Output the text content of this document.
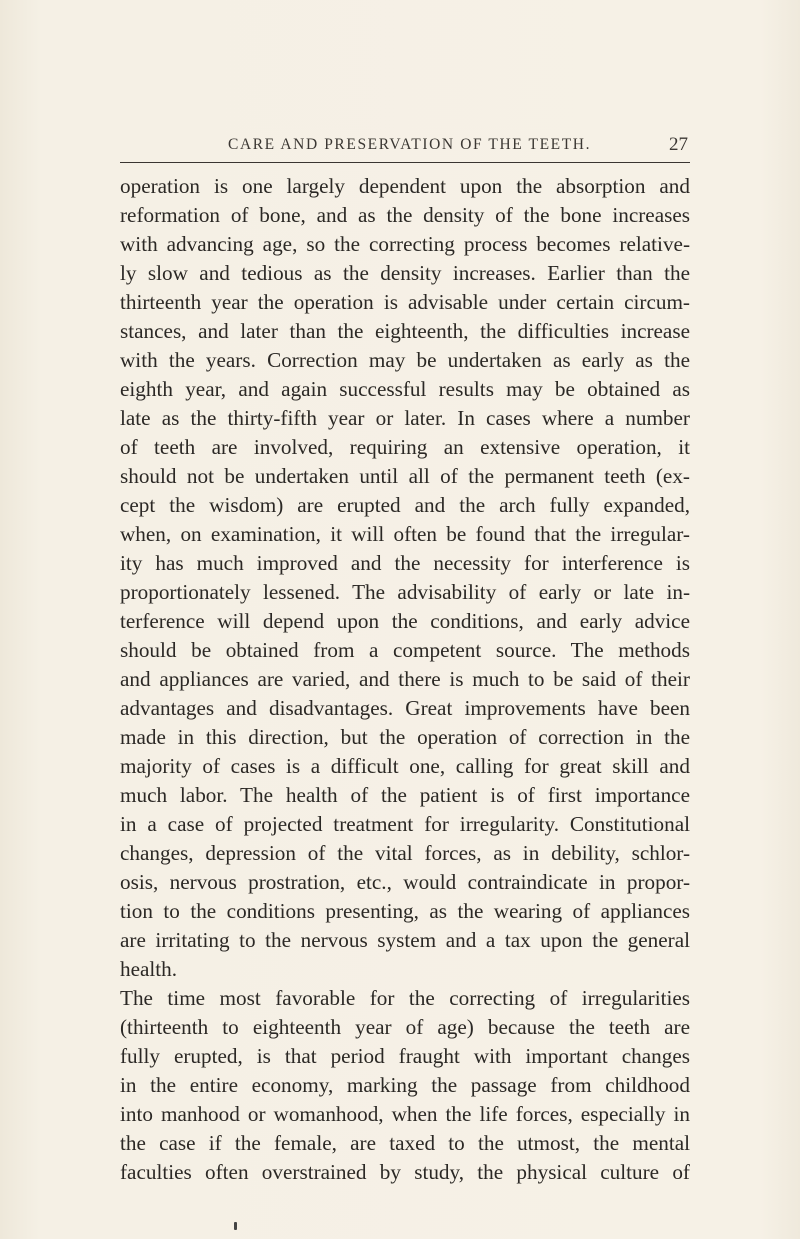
CARE AND PRESERVATION OF THE TEETH.	27
operation is one largely dependent upon the absorption and
reformation of bone, and as the density of the bone increases
with advancing age, so the correcting process becomes relative-
ly slow and tedious as the density increases. Earlier than the
thirteenth year the operation is advisable under certain circum-
stances, and later than the eighteenth, the difficulties increase
with the years. Correction may be undertaken as early as the
eighth year, and again successful results may be obtained as
late as the thirty-fifth year or later. In cases where a number
of teeth are involved, requiring an extensive operation, it
should not be undertaken until all of the permanent teeth (ex-
cept the wisdom) are erupted and the arch fully expanded,
when, on examination, it will often be found that the irregular-
ity has much improved and the necessity for interference is
proportionately lessened. The advisability of early or late in-
terference will depend upon the conditions, and early advice
should be obtained from a competent source. The methods
and appliances are varied, and there is much to be said of their
advantages and disadvantages. Great improvements have been
made in this direction, but the operation of correction in the
majority of cases is a difficult one, calling for great skill and
much labor. The health of the patient is of first importance
in a case of projected treatment for irregularity. Constitutional
changes, depression of the vital forces, as in debility, schlor-
osis, nervous prostration, etc., would contraindicate in propor-
tion to the conditions presenting, as the wearing of appliances
are irritating to the nervous system and a tax upon the general
health.
The time most favorable for the correcting of irregularities
(thirteenth to eighteenth year of age) because the teeth are
fully erupted, is that period fraught with important changes
in the entire economy, marking the passage from childhood
into manhood or womanhood, when the life forces, especially in
the case if the female, are taxed to the utmost, the mental
faculties often overstrained by study, the physical culture of
